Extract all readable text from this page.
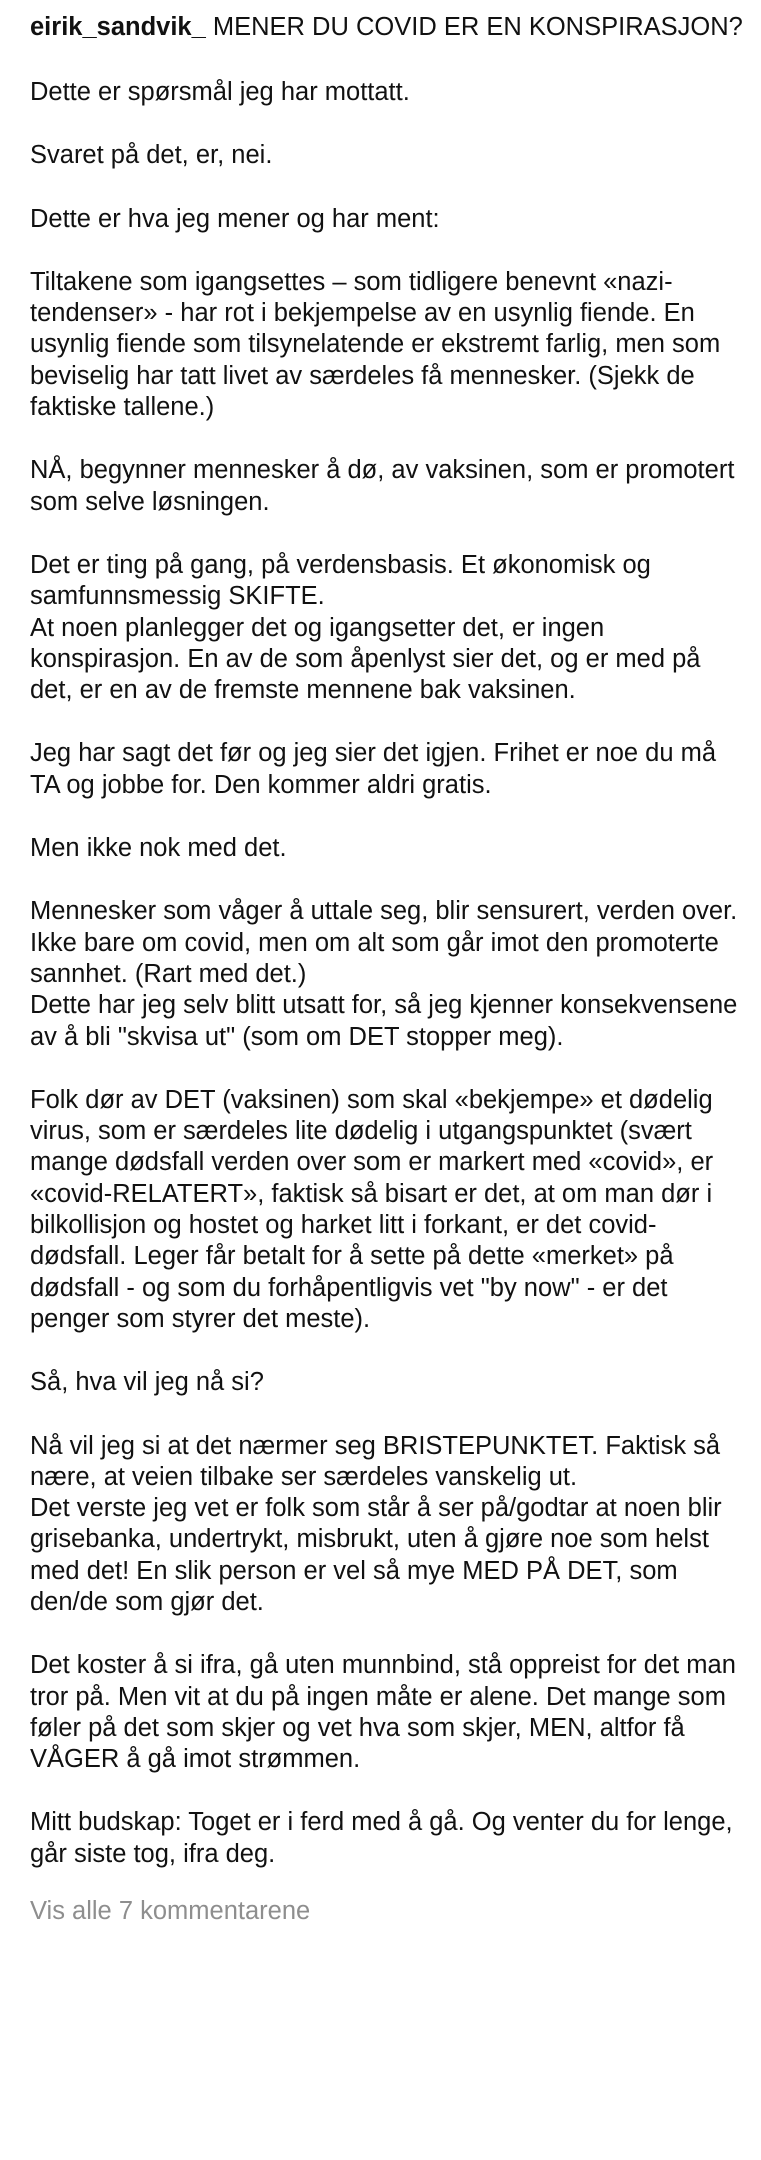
eirik_sandvik_ MENER DU COVID ER EN KONSPIRASJON?
Dette er spørsmål jeg har mottatt.
Svaret på det, er, nei.
Dette er hva jeg mener og har ment:
Tiltakene som igangsettes – som tidligere benevnt «nazi-tendenser» - har rot i bekjempelse av en usynlig fiende. En usynlig fiende som tilsynelatende er ekstremt farlig, men som beviselig har tatt livet av særdeles få mennesker. (Sjekk de faktiske tallene.)
NÅ, begynner mennesker å dø, av vaksinen, som er promotert som selve løsningen.
Det er ting på gang, på verdensbasis. Et økonomisk og samfunnsmessig SKIFTE.
At noen planlegger det og igangsetter det, er ingen konspirasjon. En av de som åpenlyst sier det, og er med på det, er en av de fremste mennene bak vaksinen.
Jeg har sagt det før og jeg sier det igjen. Frihet er noe du må TA og jobbe for. Den kommer aldri gratis.
Men ikke nok med det.
Mennesker som våger å uttale seg, blir sensurert, verden over. Ikke bare om covid, men om alt som går imot den promoterte sannhet. (Rart med det.)
Dette har jeg selv blitt utsatt for, så jeg kjenner konsekvensene av å bli "skvisa ut" (som om DET stopper meg).
Folk dør av DET (vaksinen) som skal «bekjempe» et dødelig virus, som er særdeles lite dødelig i utgangspunktet (svært mange dødsfall verden over som er markert med «covid», er «covid-RELATERT», faktisk så bisart er det, at om man dør i bilkollisjon og hostet og harket litt i forkant, er det covid-dødsfall. Leger får betalt for å sette på dette «merket» på dødsfall - og som du forhåpentligvis vet "by now" - er det penger som styrer det meste).
Så, hva vil jeg nå si?
Nå vil jeg si at det nærmer seg BRISTEPUNKTET. Faktisk så nære, at veien tilbake ser særdeles vanskelig ut.
Det verste jeg vet er folk som står å ser på/godtar at noen blir grisebanka, undertrykt, misbrukt, uten å gjøre noe som helst med det! En slik person er vel så mye MED PÅ DET, som den/de som gjør det.
Det koster å si ifra, gå uten munnbind, stå oppreist for det man tror på. Men vit at du på ingen måte er alene. Det mange som føler på det som skjer og vet hva som skjer, MEN, altfor få VÅGER å gå imot strømmen.
Mitt budskap: Toget er i ferd med å gå. Og venter du for lenge, går siste tog, ifra deg.
Vis alle 7 kommentarene
